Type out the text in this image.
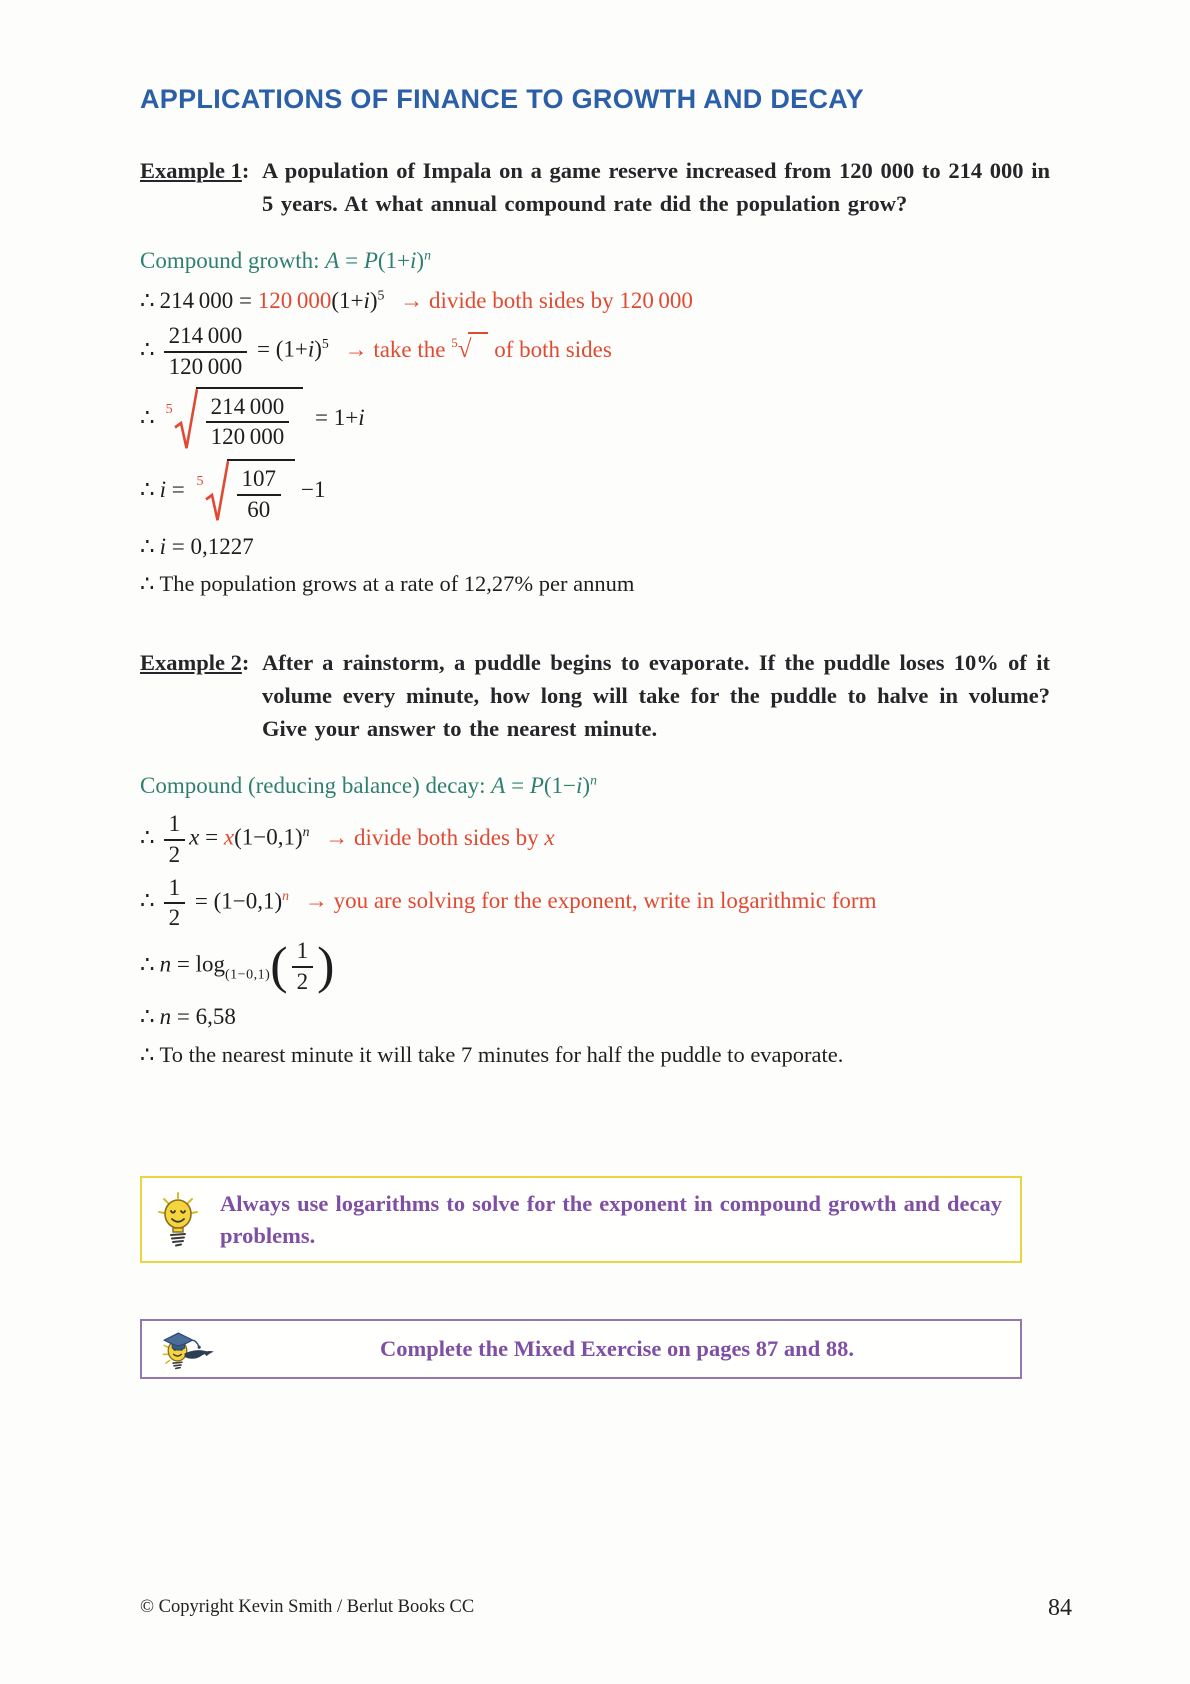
APPLICATIONS OF FINANCE TO GROWTH AND DECAY
Example 1: A population of Impala on a game reserve increased from 120 000 to 214 000 in 5 years. At what annual compound rate did the population grow?
Compound growth: $A = P(1+i)^n$
∴ 214 000 = 120 $000(1+i)^5$ → divide both sides by 120 000
∴ $\frac{214 000}{120 000} = (1+i)^5$ → take the $^5$√ of both sides
∴ $5 \frac{214 000}{120 000} = 1+i$
∴ $i = 5 \frac{107}{60} -1$
∴ i = 0,1227
∴ The population grows at a rate of 12,27% per annum
Example 2: After a rainstorm, a puddle begins to evaporate. If the puddle loses 10% of it volume every minute, how long will take for the puddle to halve in volume? Give your answer to the nearest minute.
Compound (reducing balance) decay: $A = P(1-i)^n$
∴ $\frac{1}{2}$ $x = x(1-0,1)^n$ → divide both sides by x
∴ $\frac{1}{2} = (1-0,1)^n$ → you are solving for the exponent, write in logarithmic form
∴ $n = \log_{(1-0,1)}( \frac{1}{2}$ )
∴ n = 6,58
∴ To the nearest minute it will take 7 minutes for half the puddle to evaporate.
Always use logarithms to solve for the exponent in compound growth and decay problems.
Complete the Mixed Exercise on pages 87 and 88.
© Copyright Kevin Smith / Berlut Books CC	84
